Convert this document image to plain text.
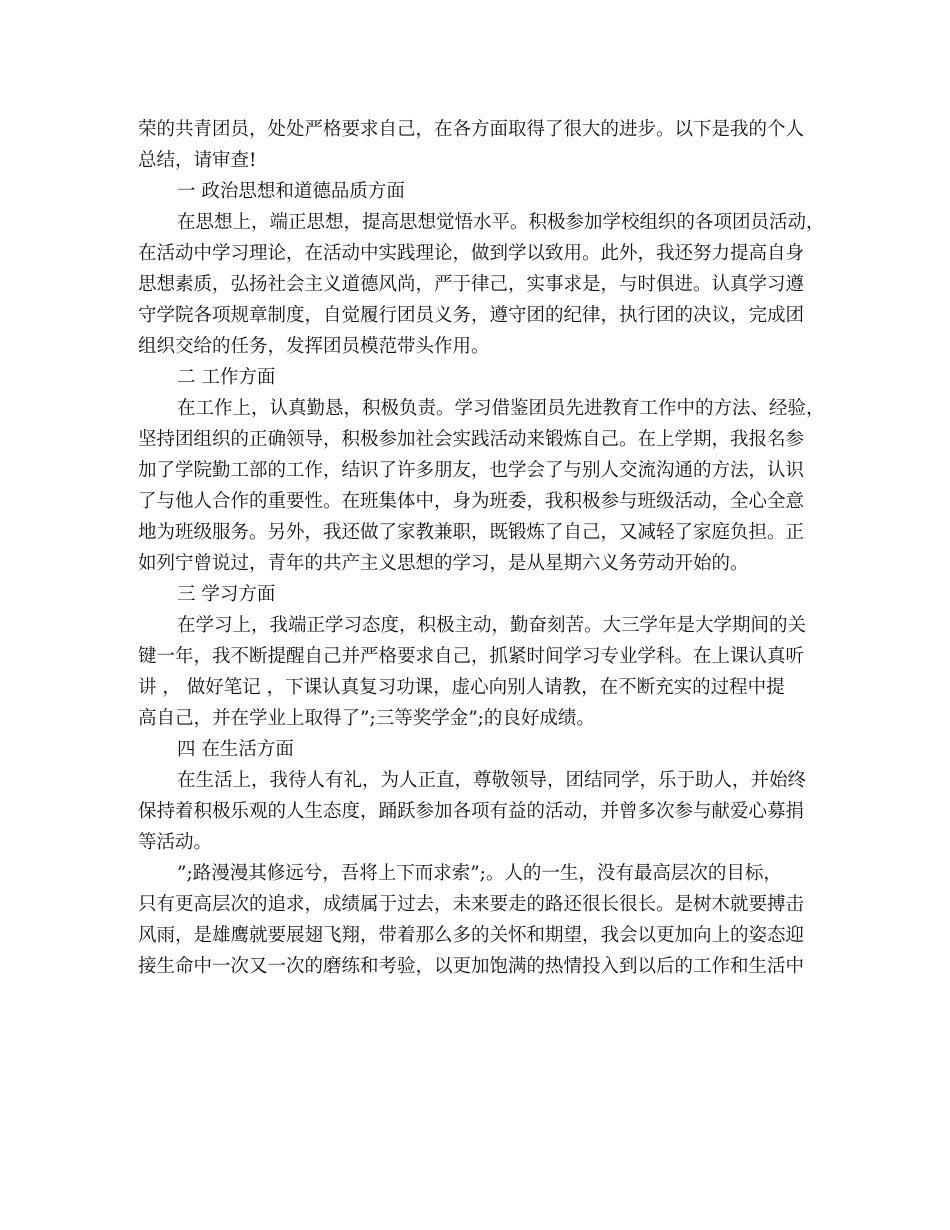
荣的共青团员，处处严格要求自己，在各方面取得了很大的进步。以下是我的个人
总结，请审查!
一 政治思想和道德品质方面
在思想上，端正思想，提高思想觉悟水平。积极参加学校组织的各项团员活动，
在活动中学习理论，在活动中实践理论，做到学以致用。此外，我还努力提高自身
思想素质，弘扬社会主义道德风尚，严于律己，实事求是，与时俱进。认真学习遵
守学院各项规章制度，自觉履行团员义务，遵守团的纪律，执行团的决议，完成团
组织交给的任务，发挥团员模范带头作用。
二 工作方面
在工作上，认真勤恳，积极负责。学习借鉴团员先进教育工作中的方法、经验，
坚持团组织的正确领导，积极参加社会实践活动来锻炼自己。在上学期，我报名参
加了学院勤工部的工作，结识了许多朋友，也学会了与别人交流沟通的方法，认识
了与他人合作的重要性。在班集体中，身为班委，我积极参与班级活动，全心全意
地为班级服务。另外，我还做了家教兼职，既锻炼了自己，又减轻了家庭负担。正
如列宁曾说过，青年的共产主义思想的学习，是从星期六义务劳动开始的。
三 学习方面
在学习上，我端正学习态度，积极主动，勤奋刻苦。大三学年是大学期间的关
键一年，我不断提醒自己并严格要求自己，抓紧时间学习专业学科。在上课认真听
讲 ， 做好笔记 ，下课认真复习功课，虚心向别人请教，在不断充实的过程中提
高自己，并在学业上取得了”;三等奖学金”;的良好成绩。
四 在生活方面
在生活上，我待人有礼，为人正直，尊敬领导，团结同学，乐于助人，并始终
保持着积极乐观的人生态度，踊跃参加各项有益的活动，并曾多次参与献爱心募捐
等活动。
”;路漫漫其修远兮，吾将上下而求索”;。人的一生，没有最高层次的目标，
只有更高层次的追求，成绩属于过去，未来要走的路还很长很长。是树木就要搏击
风雨，是雄鹰就要展翅飞翔，带着那么多的关怀和期望，我会以更加向上的姿态迎
接生命中一次又一次的磨练和考验，以更加饱满的热情投入到以后的工作和生活中
